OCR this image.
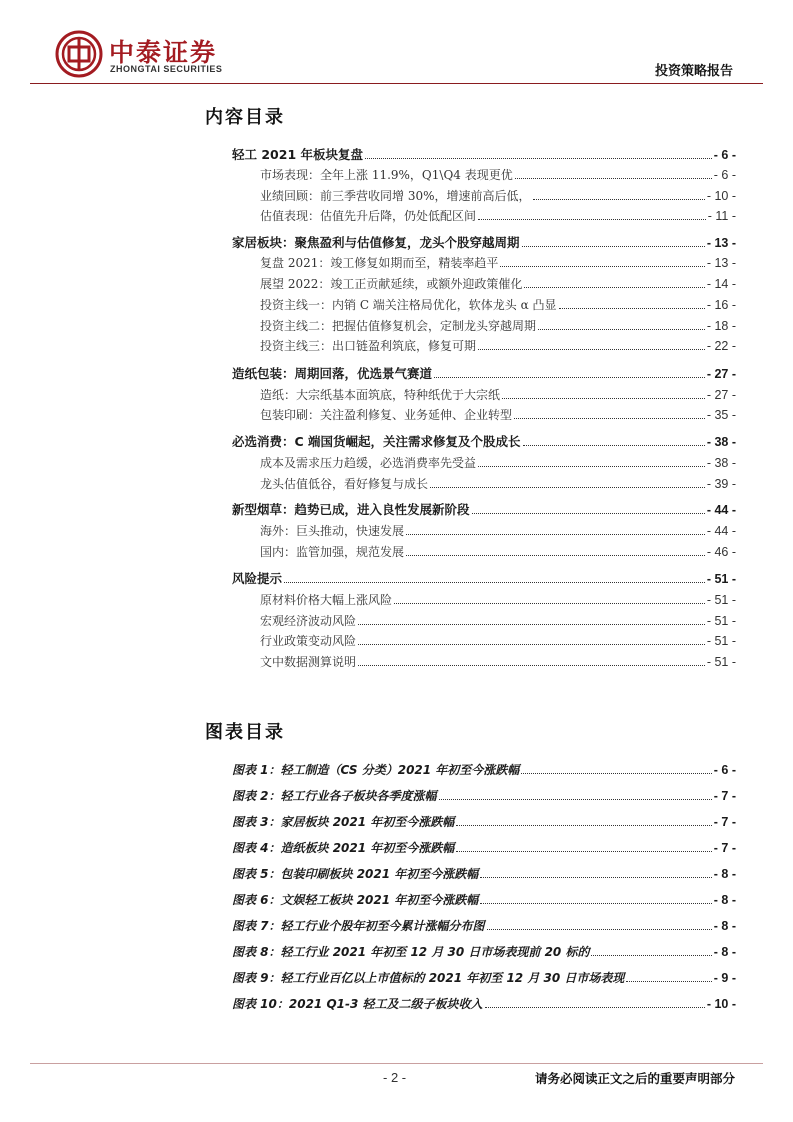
中泰证券
ZHONGTAI SECURITIES	投资策略报告
内容目录
轻工 2021 年板块复盘	- 6 -
市场表现：全年上涨 11.9%，Q1\Q4 表现更优	- 6 -
业绩回顾：前三季营收同增 30%，增速前高后低，	- 10 -
估值表现：估值先升后降，仍处低配区间	- 11 -
家居板块：聚焦盈利与估值修复，龙头个股穿越周期	- 13 -
复盘 2021：竣工修复如期而至，精装率趋平	- 13 -
展望 2022：竣工正贡献延续，或额外迎政策催化	- 14 -
投资主线一：内销 C 端关注格局优化，软体龙头 α 凸显	- 16 -
投资主线二：把握估值修复机会，定制龙头穿越周期	- 18 -
投资主线三：出口链盈利筑底，修复可期	- 22 -
造纸包装：周期回落，优选景气赛道	- 27 -
造纸：大宗纸基本面筑底，特种纸优于大宗纸	- 27 -
包装印刷：关注盈利修复、业务延伸、企业转型	- 35 -
必选消费：C 端国货崛起，关注需求修复及个股成长	- 38 -
成本及需求压力趋缓，必选消费率先受益	- 38 -
龙头估值低谷，看好修复与成长	- 39 -
新型烟草：趋势已成，进入良性发展新阶段	- 44 -
海外：巨头推动，快速发展	- 44 -
国内：监管加强，规范发展	- 46 -
风险提示	- 51 -
原材料价格大幅上涨风险	- 51 -
宏观经济波动风险	- 51 -
行业政策变动风险	- 51 -
文中数据测算说明	- 51 -
图表目录
图表 1：轻工制造（CS 分类）2021 年初至今涨跌幅	- 6 -
图表 2：轻工行业各子板块各季度涨幅	- 7 -
图表 3：家居板块 2021 年初至今涨跌幅	- 7 -
图表 4：造纸板块 2021 年初至今涨跌幅	- 7 -
图表 5：包装印刷板块 2021 年初至今涨跌幅	- 8 -
图表 6：文娱轻工板块 2021 年初至今涨跌幅	- 8 -
图表 7：轻工行业个股年初至今累计涨幅分布图	- 8 -
图表 8：轻工行业 2021 年初至 12 月 30 日市场表现前 20 标的	- 8 -
图表 9：轻工行业百亿以上市值标的 2021 年初至 12 月 30 日市场表现	- 9 -
图表 10：2021 Q1-3 轻工及二级子板块收入	- 10 -
- 2 -	请务必阅读正文之后的重要声明部分
